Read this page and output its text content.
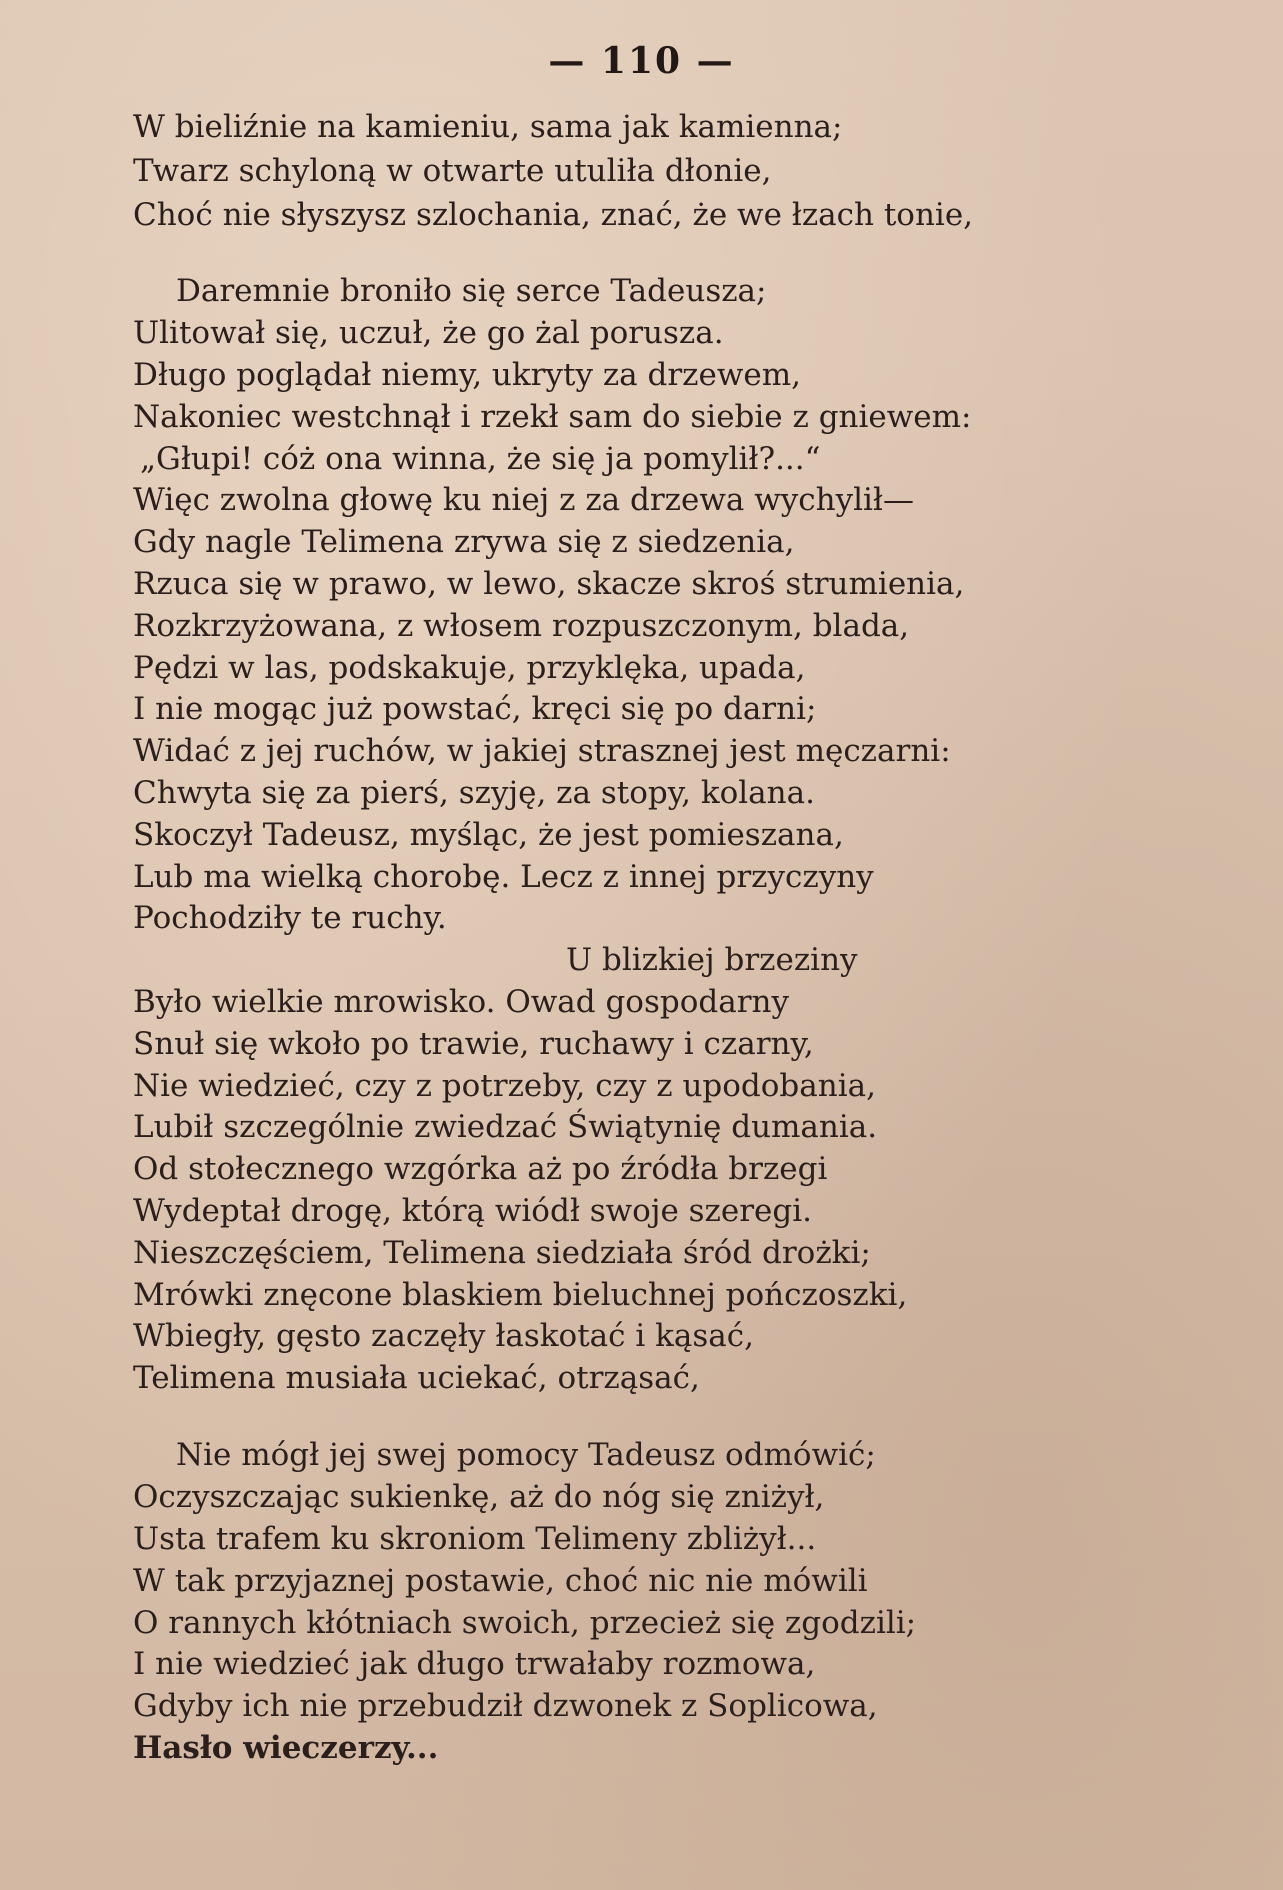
— 110 —
W bieliźnie na kamieniu, sama jak kamienna;
Twarz schyloną w otwarte utuliła dłonie,
Choć nie słyszysz szlochania, znać, że we łzach tonie,
Daremnie broniło się serce Tadeusza;
Ulitował się, uczuł, że go żal porusza.
Długo poglądał niemy, ukryty za drzewem,
Nakoniec westchnął i rzekł sam do siebie z gniewem:
„Głupi! cóż ona winna, że się ja pomylił?...“
Więc zwolna głowę ku niej z za drzewa wychylił—
Gdy nagle Telimena zrywa się z siedzenia,
Rzuca się w prawo, w lewo, skacze skroś strumienia,
Rozkrzyżowana, z włosem rozpuszczonym, blada,
Pędzi w las, podskakuje, przyklęka, upada,
I nie mogąc już powstać, kręci się po darni;
Widać z jej ruchów, w jakiej strasznej jest męczarni:
Chwyta się za pierś, szyję, za stopy, kolana.
Skoczył Tadeusz, myśląc, że jest pomieszana,
Lub ma wielką chorobę. Lecz z innej przyczyny
Pochodziły te ruchy.
U blizkiej brzeziny
Było wielkie mrowisko. Owad gospodarny
Snuł się wkoło po trawie, ruchawy i czarny,
Nie wiedzieć, czy z potrzeby, czy z upodobania,
Lubił szczególnie zwiedzać Świątynię dumania.
Od stołecznego wzgórka aż po źródła brzegi
Wydeptał drogę, którą wiódł swoje szeregi.
Nieszczęściem, Telimena siedziała śród drożki;
Mrówki znęcone blaskiem bieluchnej pończoszki,
Wbiegły, gęsto zaczęły łaskotać i kąsać,
Telimena musiała uciekać, otrząsać,
Nie mógł jej swej pomocy Tadeusz odmówić;
Oczyszczając sukienkę, aż do nóg się zniżył,
Usta trafem ku skroniom Telimeny zbliżył...
W tak przyjaznej postawie, choć nic nie mówili
O rannych kłótniach swoich, przecież się zgodzili;
I nie wiedzieć jak długo trwałaby rozmowa,
Gdyby ich nie przebudził dzwonek z Soplicowa,
Hasło wieczerzy...
